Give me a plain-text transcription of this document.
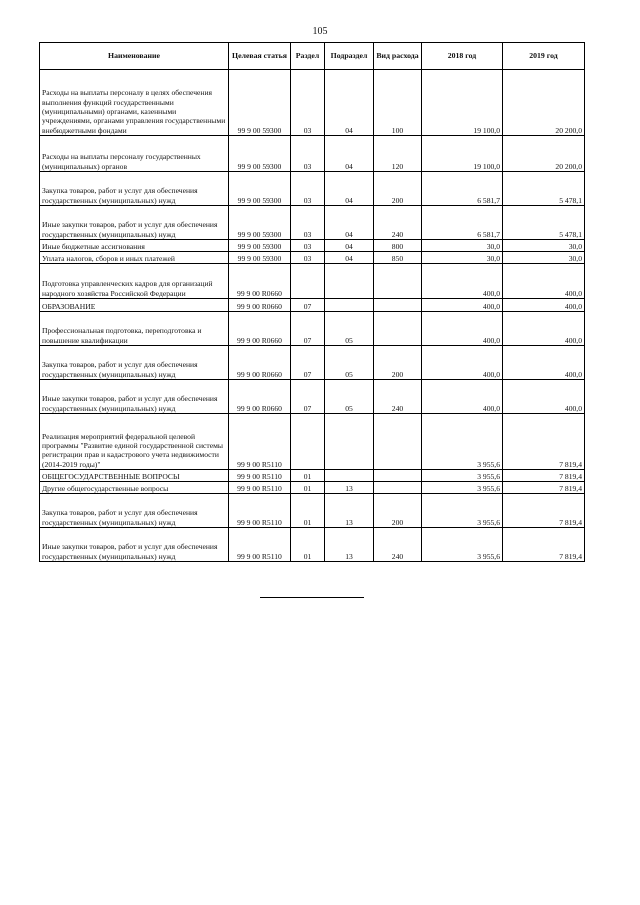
105
Наименование	Целевая статья	Раздел	Подраздел	Вид расхода	2018 год	2019 год
Расходы на выплаты персоналу в целях обеспечения выполнения функций государственными (муниципальными) органами, казенными учреждениями, органами управления государственными внебюджетными фондами	99 9 00 59300	03	04	100	19 100,0	20 200,0
Расходы на выплаты персоналу государственных (муниципальных) органов	99 9 00 59300	03	04	120	19 100,0	20 200,0
Закупка товаров, работ и услуг для обеспечения государственных (муниципальных) нужд	99 9 00 59300	03	04	200	6 581,7	5 478,1
Иные закупки товаров, работ и услуг для обеспечения государственных (муниципальных) нужд	99 9 00 59300	03	04	240	6 581,7	5 478,1
Иные бюджетные ассигнования	99 9 00 59300	03	04	800	30,0	30,0
Уплата налогов, сборов и иных платежей	99 9 00 59300	03	04	850	30,0	30,0
Подготовка управленческих кадров для организаций народного хозяйства Российской Федерации	99 9 00 R0660				400,0	400,0
ОБРАЗОВАНИЕ	99 9 00 R0660	07			400,0	400,0
Профессиональная подготовка, переподготовка и повышение квалификации	99 9 00 R0660	07	05		400,0	400,0
Закупка товаров, работ и услуг для обеспечения государственных (муниципальных) нужд	99 9 00 R0660	07	05	200	400,0	400,0
Иные закупки товаров, работ и услуг для обеспечения государственных (муниципальных) нужд	99 9 00 R0660	07	05	240	400,0	400,0
Реализация мероприятий федеральной целевой программы "Развитие единой государственной системы регистрации прав и кадастрового учета недвижимости (2014-2019 годы)"	99 9 00 R5110				3 955,6	7 819,4
ОБЩЕГОСУДАРСТВЕННЫЕ ВОПРОСЫ	99 9 00 R5110	01			3 955,6	7 819,4
Другие общегосударственные вопросы	99 9 00 R5110	01	13		3 955,6	7 819,4
Закупка товаров, работ и услуг для обеспечения государственных (муниципальных) нужд	99 9 00 R5110	01	13	200	3 955,6	7 819,4
Иные закупки товаров, работ и услуг для обеспечения государственных (муниципальных) нужд	99 9 00 R5110	01	13	240	3 955,6	7 819,4
